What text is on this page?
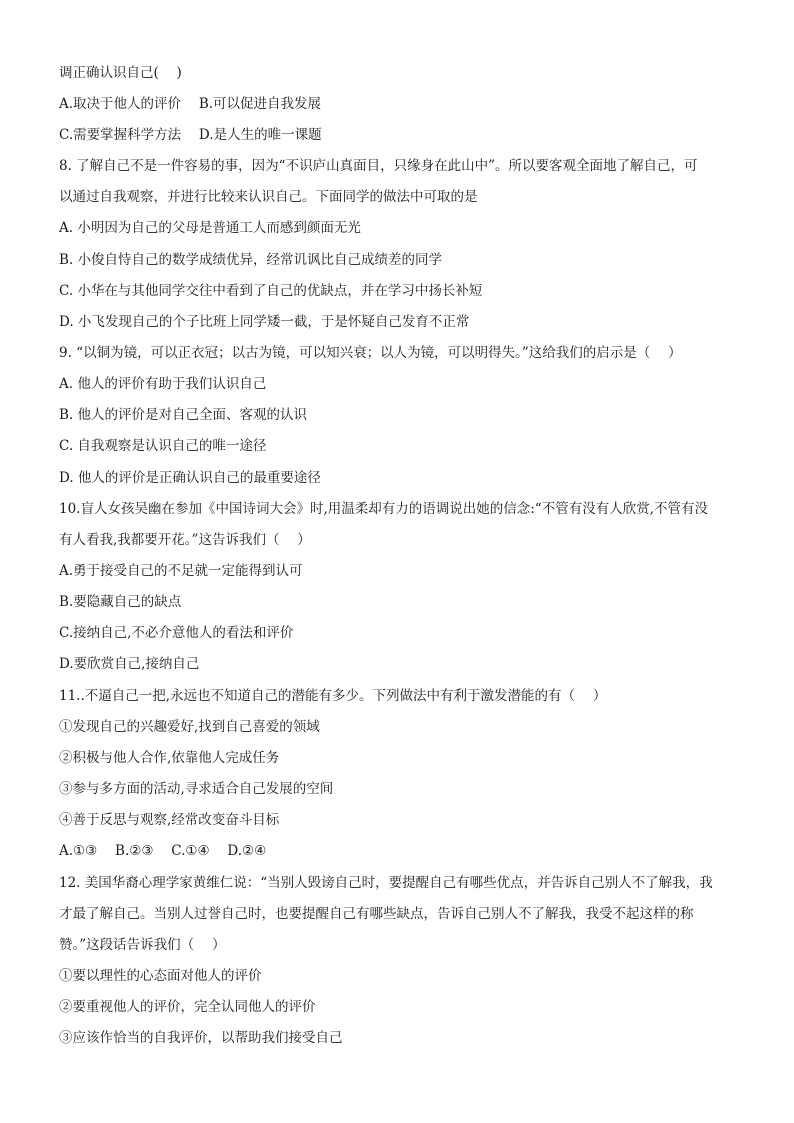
调正确认识自己(　 )
A.取决于他人的评价　 B.可以促进自我发展
C.需要掌握科学方法　 D.是人生的唯一课题
8. 了解自己不是一件容易的事，因为“不识庐山真面目，只缘身在此山中”。所以要客观全面地了解自己，可
以通过自我观察，并进行比较来认识自己。下面同学的做法中可取的是
A. 小明因为自己的父母是普通工人而感到颜面无光
B. 小俊自恃自己的数学成绩优异，经常讥讽比自己成绩差的同学
C. 小华在与其他同学交往中看到了自己的优缺点，并在学习中扬长补短
D. 小飞发现自己的个子比班上同学矮一截，于是怀疑自己发育不正常
9. “以铜为镜，可以正衣冠；以古为镜，可以知兴衰；以人为镜，可以明得失。”这给我们的启示是（　 ）
A. 他人的评价有助于我们认识自己
B. 他人的评价是对自己全面、客观的认识
C. 自我观察是认识自己的唯一途径
D. 他人的评价是正确认识自己的最重要途径
10.盲人女孩吴幽在参加《中国诗词大会》时,用温柔却有力的语调说出她的信念:“不管有没有人欣赏,不管有没
有人看我,我都要开花。”这告诉我们（　 ）
A.勇于接受自己的不足就一定能得到认可
B.要隐藏自己的缺点
C.接纳自己,不必介意他人的看法和评价
D.要欣赏自己,接纳自己
11..不逼自己一把,永远也不知道自己的潜能有多少。下列做法中有利于激发潜能的有（　 ）
①发现自己的兴趣爱好,找到自己喜爱的领域
②积极与他人合作,依靠他人完成任务
③参与多方面的活动,寻求适合自己发展的空间
④善于反思与观察,经常改变奋斗目标
A.①③　 B.②③　 C.①④　 D.②④
12. 美国华裔心理学家黄维仁说：“当别人毁谤自己时，要提醒自己有哪些优点，并告诉自己别人不了解我，我
才最了解自己。当别人过誉自己时，也要提醒自己有哪些缺点，告诉自己别人不了解我，我受不起这样的称
赞。”这段话告诉我们（　 ）
①要以理性的心态面对他人的评价
②要重视他人的评价，完全认同他人的评价
③应该作恰当的自我评价，以帮助我们接受自己
